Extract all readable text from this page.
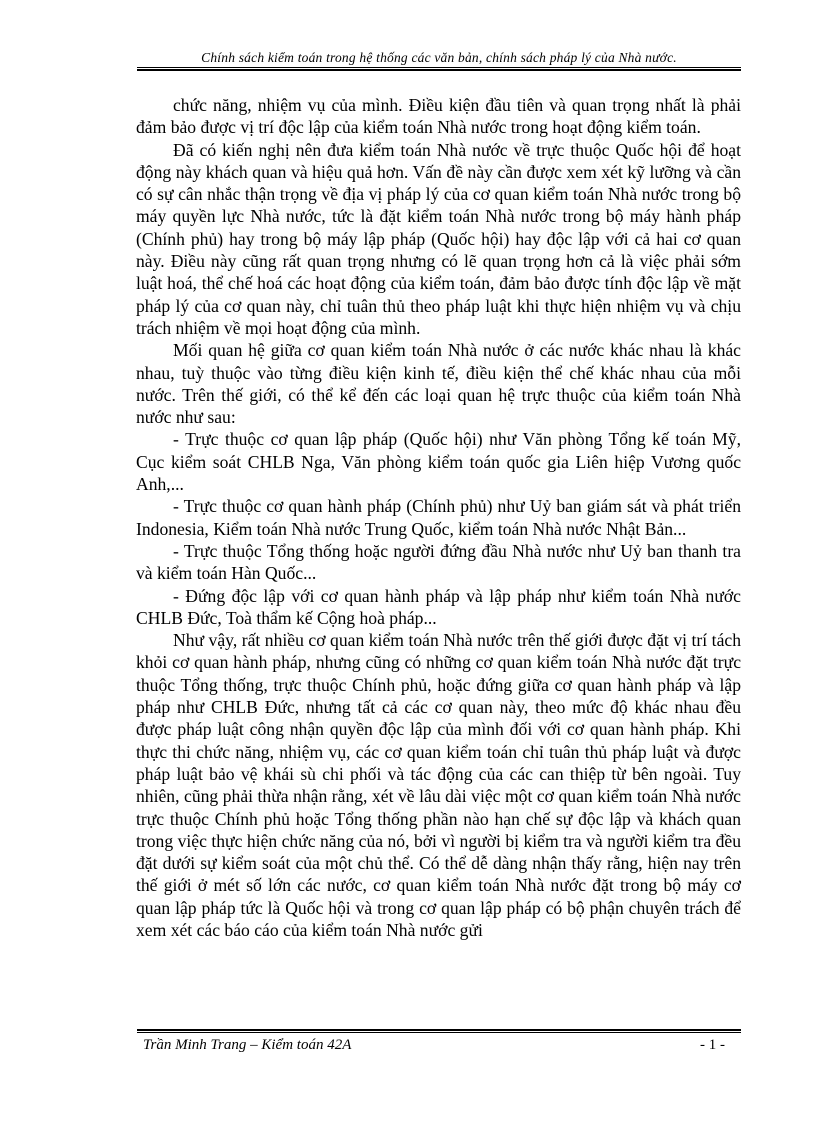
Chính sách kiểm toán trong hệ thống các văn bản, chính sách pháp lý của Nhà nước.

chức năng, nhiệm vụ của mình. Điều kiện đầu tiên và quan trọng nhất là phải đảm bảo được vị trí độc lập của kiểm toán Nhà nước trong hoạt động kiểm toán.

Đã có kiến nghị nên đưa kiểm toán Nhà nước về trực thuộc Quốc hội để hoạt động này khách quan và hiệu quả hơn. Vấn đề này cần được xem xét kỹ lưỡng và cần có sự cân nhắc thận trọng về địa vị pháp lý của cơ quan kiểm toán Nhà nước trong bộ máy quyền lực Nhà nước, tức là đặt kiểm toán Nhà nước trong bộ máy hành pháp (Chính phủ) hay trong bộ máy lập pháp (Quốc hội) hay độc lập với cả hai cơ quan này. Điều này cũng rất quan trọng nhưng có lẽ quan trọng hơn cả là việc phải sớm luật hoá, thể chế hoá các hoạt động của kiểm toán, đảm bảo được tính độc lập về mặt pháp lý của cơ quan này, chỉ tuân thủ theo pháp luật khi thực hiện nhiệm vụ và chịu trách nhiệm về mọi hoạt động của mình.

Mối quan hệ giữa cơ quan kiểm toán Nhà nước ở các nước khác nhau là khác nhau, tuỳ thuộc vào từng điều kiện kinh tế, điều kiện thể chế khác nhau của mỗi nước. Trên thế giới, có thể kể đến các loại quan hệ trực thuộc của kiểm toán Nhà nước như sau:

- Trực thuộc cơ quan lập pháp (Quốc hội) như Văn phòng Tổng kế toán Mỹ, Cục kiểm soát CHLB Nga, Văn phòng kiểm toán quốc gia Liên hiệp Vương quốc Anh,...

- Trực thuộc cơ quan hành pháp (Chính phủ) như Uỷ ban giám sát và phát triển Indonesia, Kiểm toán Nhà nước Trung Quốc, kiểm toán Nhà nước Nhật Bản...

- Trực thuộc Tổng thống hoặc người đứng đầu Nhà nước như Uỷ ban thanh tra và kiểm toán Hàn Quốc...

- Đứng độc lập với cơ quan hành pháp và lập pháp như kiểm toán Nhà nước CHLB Đức, Toà thẩm kế Cộng hoà pháp...

Như vậy, rất nhiều cơ quan kiểm toán Nhà nước trên thế giới được đặt vị trí tách khỏi cơ quan hành pháp, nhưng cũng có những cơ quan kiểm toán Nhà nước đặt trực thuộc Tổng thống, trực thuộc Chính phủ, hoặc đứng giữa cơ quan hành pháp và lập pháp như CHLB Đức, nhưng tất cả các cơ quan này, theo mức độ khác nhau đều được pháp luật công nhận quyền độc lập của mình đối với cơ quan hành pháp. Khi thực thi chức năng, nhiệm vụ, các cơ quan kiểm toán chỉ tuân thủ pháp luật và được pháp luật bảo vệ khái sù chi phối và tác động của các can thiệp từ bên ngoài. Tuy nhiên, cũng phải thừa nhận rằng, xét về lâu dài việc một cơ quan kiểm toán Nhà nước trực thuộc Chính phủ hoặc Tổng thống phần nào hạn chế sự độc lập và khách quan trong việc thực hiện chức năng của nó, bởi vì người bị kiểm tra và người kiểm tra đều đặt dưới sự kiểm soát của một chủ thể. Có thể dễ dàng nhận thấy rằng, hiện nay trên thế giới ở mét số lớn các nước, cơ quan kiểm toán Nhà nước đặt trong bộ máy cơ quan lập pháp tức là Quốc hội và trong cơ quan lập pháp có bộ phận chuyên trách để xem xét các báo cáo của kiểm toán Nhà nước gửi

Trần Minh Trang – Kiểm toán 42A	- 1 -
